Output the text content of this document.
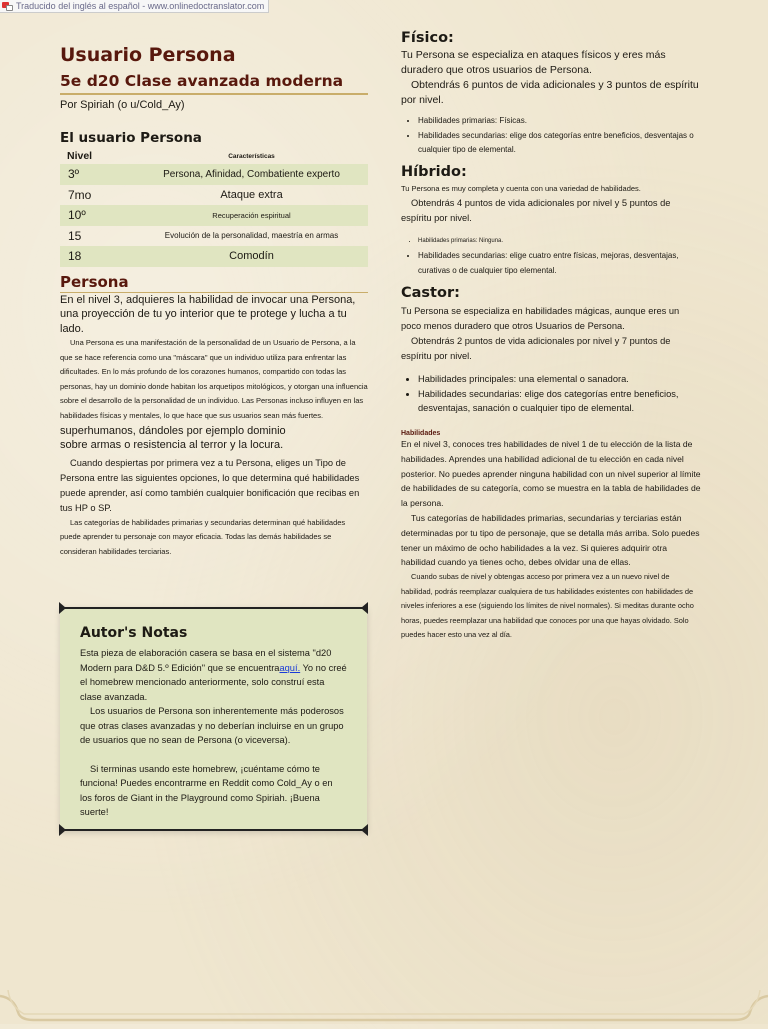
Traducido del inglés al español - www.onlinedoctranslator.com
Usuario Persona
5e d20 Clase avanzada moderna

Por Spiriah (o u/Cold_Ay)

El usuario Persona
Nivel	Características
3º	Persona, Afinidad, Combatiente experto
7mo	Ataque extra
10º	Recuperación espiritual
15	Evolución de la personalidad, maestría en armas
18	Comodín
Persona

En el nivel 3, adquieres la habilidad de invocar una Persona, una proyección de tu yo interior que te protege y lucha a tu lado.

Una Persona es una manifestación de la personalidad de un Usuario de Persona, a la que se hace referencia como una "máscara" que un individuo utiliza para enfrentar las dificultades. En lo más profundo de los corazones humanos, compartido con todas las personas, hay un dominio donde habitan los arquetipos mitológicos, y otorgan una influencia sobre el desarrollo de la personalidad de un individuo. Las Personas incluso influyen en las habilidades físicas y mentales, lo que hace que sus usuarios sean más fuertes.

superhumanos, dándoles por ejemplo dominio sobre armas o resistencia al terror y la locura.

Cuando despiertas por primera vez a tu Persona, eliges un Tipo de Persona entre las siguientes opciones, lo que determina qué habilidades puede aprender, así como también cualquier bonificación que recibas en tus HP o SP.

Las categorías de habilidades primarias y secundarias determinan qué habilidades puede aprender tu personaje con mayor eficacia. Todas las demás habilidades se consideran habilidades terciarias.

Autor's Notas

Esta pieza de elaboración casera se basa en el sistema "d20 Modern para D&D 5.º Edición" que se encuentraaquí. Yo no creé el homebrew mencionado anteriormente, solo construí esta clase avanzada.

Los usuarios de Persona son inherentemente más poderosos que otras clases avanzadas y no deberían incluirse en un grupo de usuarios que no sean de Persona (o viceversa).

Si terminas usando este homebrew, ¡cuéntame cómo te funciona! Puedes encontrarme en Reddit como Cold_Ay o en los foros de Giant in the Playground como Spiriah. ¡Buena suerte!

Físico:

Tu Persona se especializa en ataques físicos y eres más duradero que otros usuarios de Persona.

Obtendrás 6 puntos de vida adicionales y 3 puntos de espíritu por nivel.

• Habilidades primarias: Físicas.
• Habilidades secundarias: elige dos categorías entre beneficios, desventajas o cualquier tipo de elemental.
Híbrido:

Tu Persona es muy completa y cuenta con una variedad de habilidades.

Obtendrás 4 puntos de vida adicionales por nivel y 5 puntos de espíritu por nivel.

• Habilidades primarias: Ninguna.
• Habilidades secundarias: elige cuatro entre físicas, mejoras, desventajas, curativas o de cualquier tipo elemental.
Castor:

Tu Persona se especializa en habilidades mágicas, aunque eres un poco menos duradero que otros Usuarios de Persona.

Obtendrás 2 puntos de vida adicionales por nivel y 7 puntos de espíritu por nivel.

• Habilidades principales: una elemental o sanadora.
• Habilidades secundarias: elige dos categorías entre beneficios, desventajas, sanación o cualquier tipo de elemental.

Habilidades

En el nivel 3, conoces tres habilidades de nivel 1 de tu elección de la lista de habilidades. Aprendes una habilidad adicional de tu elección en cada nivel posterior. No puedes aprender ninguna habilidad con un nivel superior al límite de habilidades de su categoría, como se muestra en la tabla de habilidades de la persona.

Tus categorías de habilidades primarias, secundarias y terciarias están determinadas por tu tipo de personaje, que se detalla más arriba. Solo puedes tener un máximo de ocho habilidades a la vez. Si quieres adquirir otra habilidad cuando ya tienes ocho, debes olvidar una de ellas.

Cuando subas de nivel y obtengas acceso por primera vez a un nuevo nivel de habilidad, podrás reemplazar cualquiera de tus habilidades existentes con habilidades de niveles inferiores a ese (siguiendo los límites de nivel normales). Si meditas durante ocho horas, puedes reemplazar una habilidad que conoces por una que hayas olvidado. Solo puedes hacer esto una vez al día.
